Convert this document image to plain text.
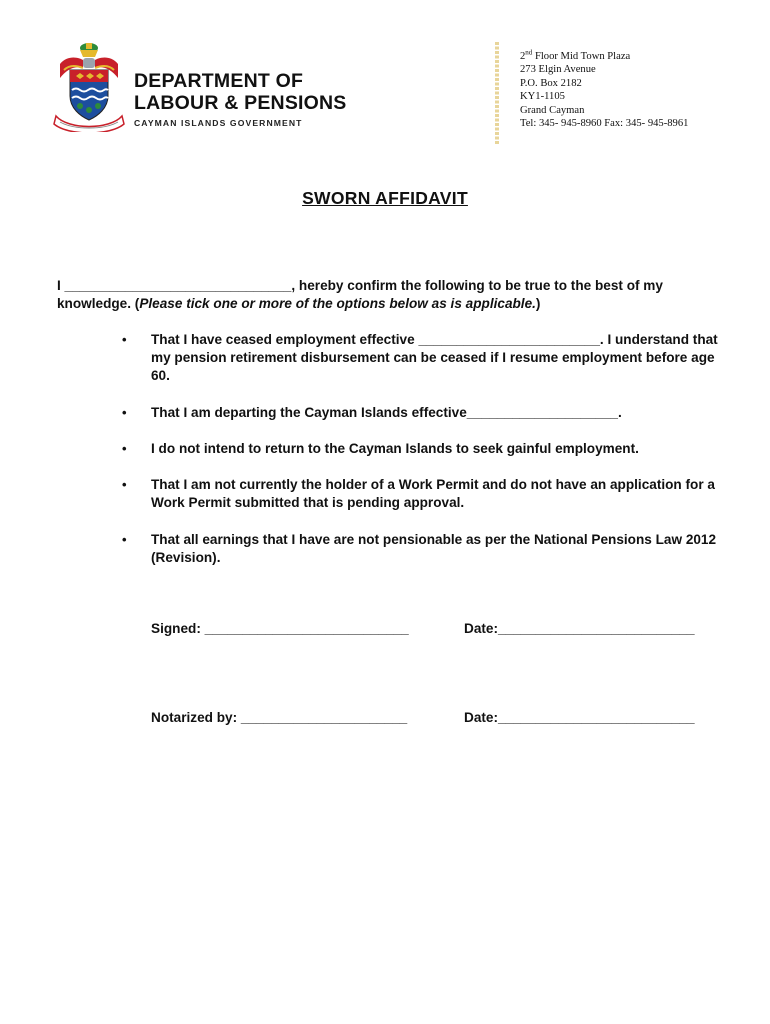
DEPARTMENT OF
LABOUR & PENSIONS
CAYMAN ISLANDS GOVERNMENT
2nd Floor Mid Town Plaza
273 Elgin Avenue
P.O. Box 2182
KY1-1105
Grand Cayman
Tel: 345- 945-8960 Fax: 345- 945-8961
SWORN AFFIDAVIT
I ______________________________, hereby confirm the following to be true to the best of my knowledge. (Please tick one or more of the options below as is applicable.)
• That I have ceased employment effective ________________________. I understand that my pension retirement disbursement can be ceased if I resume employment before age 60.
• That I am departing the Cayman Islands effective____________________.
• I do not intend to return to the Cayman Islands to seek gainful employment.
• That I am not currently the holder of a Work Permit and do not have an application for a Work Permit submitted that is pending approval.
• That all earnings that I have are not pensionable as per the National Pensions Law 2012 (Revision).
Signed: ___________________________	Date:__________________________
Notarized by: ______________________	Date:__________________________
